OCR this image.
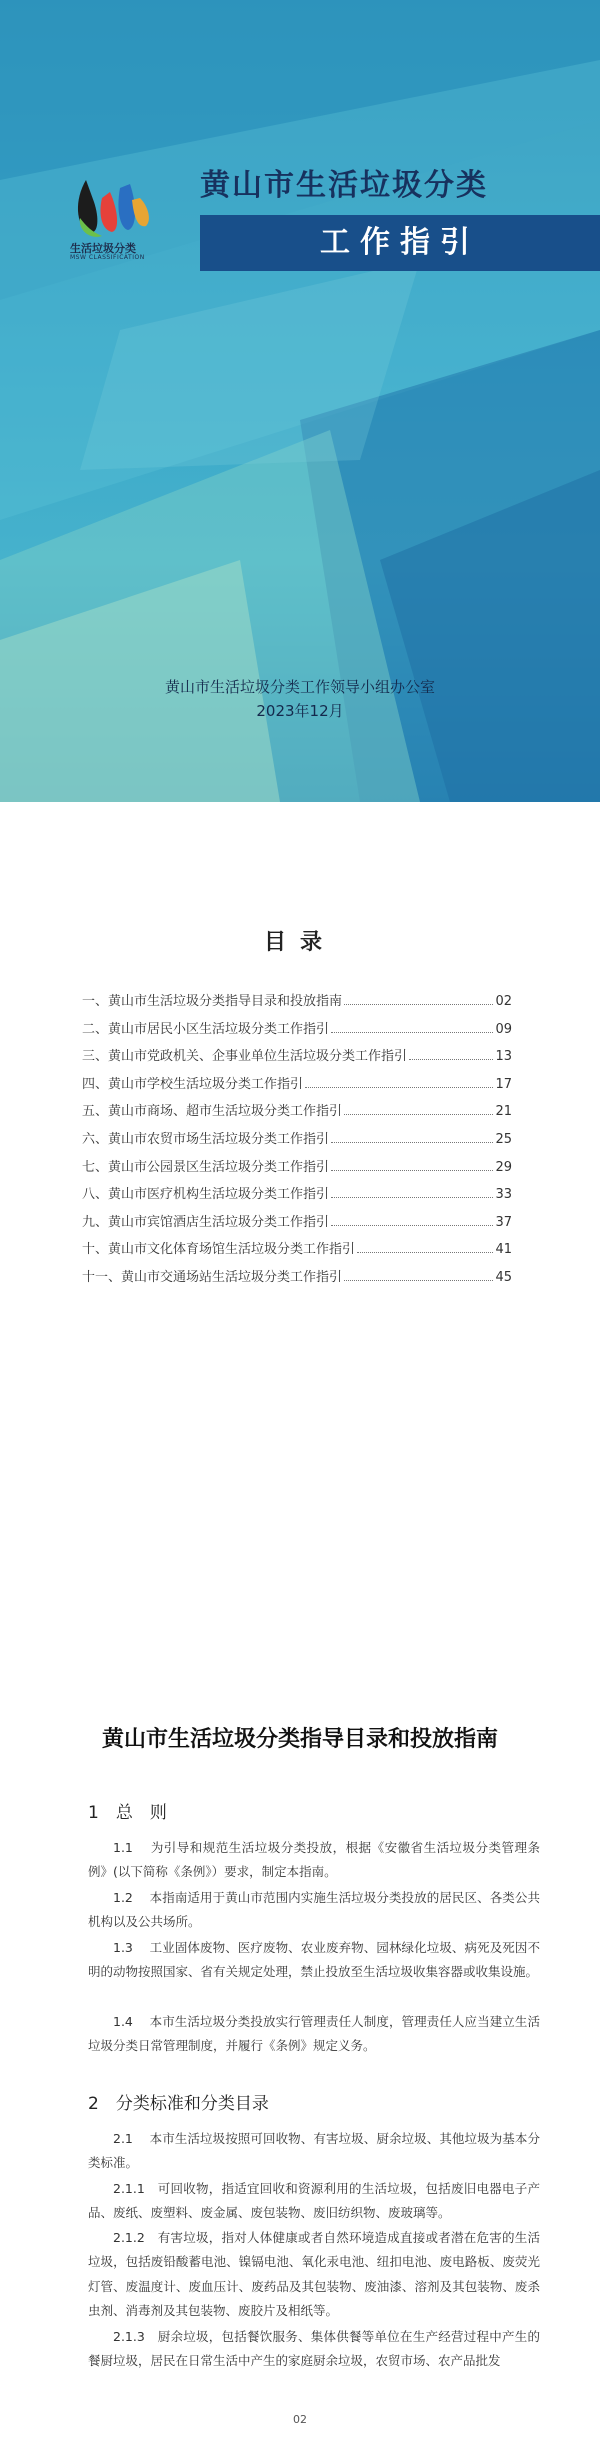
生活垃圾分类
MSW CLASSIFICATION
黄山市生活垃圾分类
工作指引
黄山市生活垃圾分类工作领导小组办公室
2023年12月
目录
一、黄山市生活垃圾分类指导目录和投放指南	02
二、黄山市居民小区生活垃圾分类工作指引	09
三、黄山市党政机关、企事业单位生活垃圾分类工作指引	13
四、黄山市学校生活垃圾分类工作指引	17
五、黄山市商场、超市生活垃圾分类工作指引	21
六、黄山市农贸市场生活垃圾分类工作指引	25
七、黄山市公园景区生活垃圾分类工作指引	29
八、黄山市医疗机构生活垃圾分类工作指引	33
九、黄山市宾馆酒店生活垃圾分类工作指引	37
十、黄山市文化体育场馆生活垃圾分类工作指引	41
十一、黄山市交通场站生活垃圾分类工作指引	45
黄山市生活垃圾分类指导目录和投放指南
1　总　则

1.1　 为引导和规范生活垃圾分类投放，根据《安徽省生活垃圾分类管理条例》(以下简称《条例》）要求，制定本指南。

1.2　 本指南适用于黄山市范围内实施生活垃圾分类投放的居民区、各类公共机构以及公共场所。

1.3　 工业固体废物、医疗废物、农业废弃物、园林绿化垃圾、病死及死因不明的动物按照国家、省有关规定处理，禁止投放至生活垃圾收集容器或收集设施。

1.4　 本市生活垃圾分类投放实行管理责任人制度，管理责任人应当建立生活垃圾分类日常管理制度，并履行《条例》规定义务。

2　分类标准和分类目录

2.1　 本市生活垃圾按照可回收物、有害垃圾、厨余垃圾、其他垃圾为基本分类标准。

2.1.1　可回收物，指适宜回收和资源利用的生活垃圾，包括废旧电器电子产品、废纸、废塑料、废金属、废包装物、废旧纺织物、废玻璃等。

2.1.2　有害垃圾，指对人体健康或者自然环境造成直接或者潜在危害的生活垃圾，包括废铅酸蓄电池、镍镉电池、氧化汞电池、纽扣电池、废电路板、废荧光灯管、废温度计、废血压计、废药品及其包装物、废油漆、溶剂及其包装物、废杀虫剂、消毒剂及其包装物、废胶片及相纸等。

2.1.3　厨余垃圾，包括餐饮服务、集体供餐等单位在生产经营过程中产生的餐厨垃圾，居民在日常生活中产生的家庭厨余垃圾，农贸市场、农产品批发

02
